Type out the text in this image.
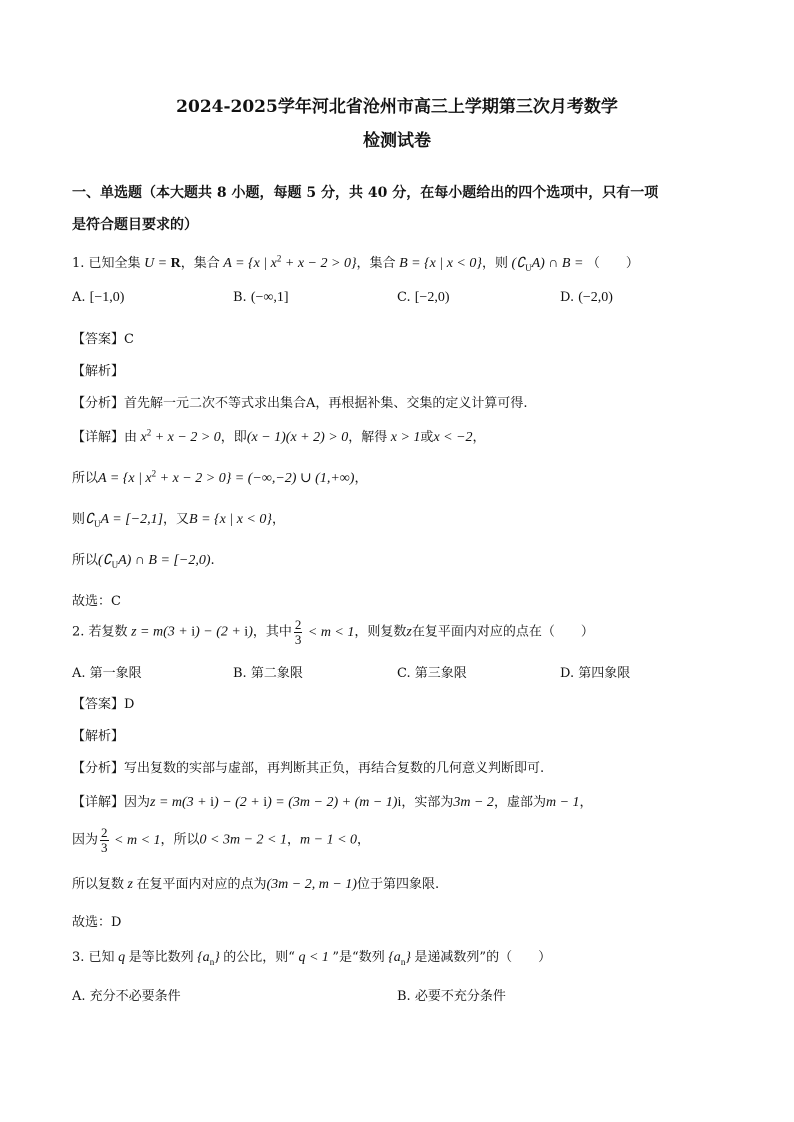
2024-2025学年河北省沧州市高三上学期第三次月考数学
检测试卷
一、单选题（本大题共 8 小题，每题 5 分，共 40 分，在每小题给出的四个选项中，只有一项
是符合题目要求的）
1. 已知全集 U = R，集合 A = {x | $x^2 + x - 2 > 0$}，集合 B = {x | x < 0}，则 $(∁_UA)$ ∩ B = （　　）
A. [−1,0)	B. (−∞,1]	C. [−2,0)	D. (−2,0)
【答案】C
【解析】
【分析】首先解一元二次不等式求出集合A，再根据补集、交集的定义计算可得.
【详解】由 $x^2 + x - 2 > 0$，即(x − 1)(x + 2) > 0，解得 x > 1或x < −2，
所以A = {x | $x^2 + x - 2 > 0\} = (-\infty,-2)$ ∪ (1,+∞)，
则$∁_UA = [-2,1]$，又B = {x | x < 0}，
所以$(∁_UA)$ ∩ B = [−2,0).
故选：C
2. 若复数 z = m(3 + i) − (2 + i)，其中 $\frac{2}{3} < m < 1$，则复数z在复平面内对应的点在（　　）
A. 第一象限	B. 第二象限	C. 第三象限	D. 第四象限
【答案】D
【解析】
【分析】写出复数的实部与虚部，再判断其正负，再结合复数的几何意义判断即可.
【详解】因为z = m(3 + i) − (2 + i) = (3m − 2) + (m − 1)i，实部为3m − 2，虚部为m − 1，
因为 $\frac{2}{3} < m < 1$，所以0 < 3m − 2 < 1，m − 1 < 0，
所以复数 z 在复平面内对应的点为(3m − 2, m − 1)位于第四象限.
故选：D
3. 已知 q 是等比数列 $\{a_n\}$ 的公比，则“ q < 1 ”是“数列 $\{a_n\}$ 是递减数列”的（　　）
A. 充分不必要条件	B. 必要不充分条件
